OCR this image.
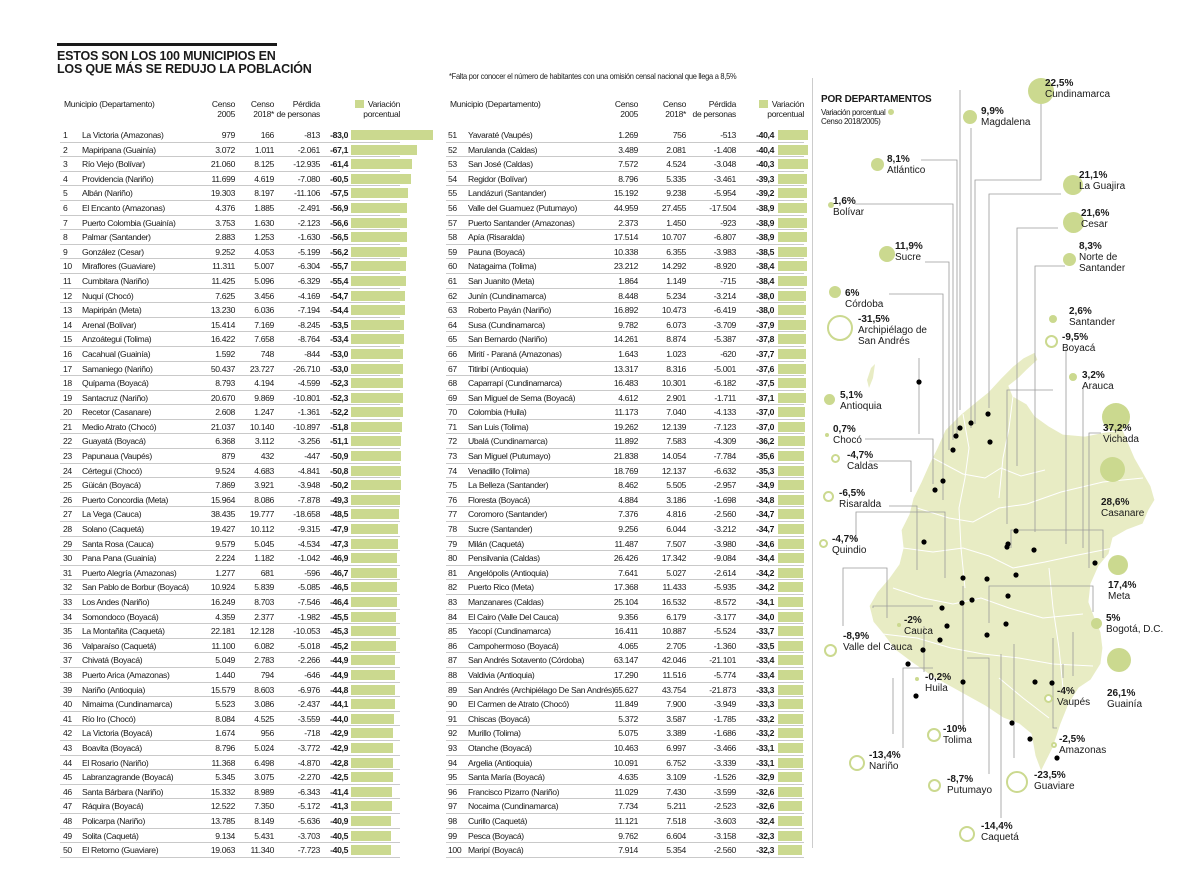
ESTOS SON LOS 100 MUNICIPIOS EN
LOS QUE MÁS SE REDUJO LA POBLACIÓN	*Falta por conocer el número de habitantes con una omisión censal nacional que llega a 8,5%
Municipio (Departamento)	Censo
2005
Censo
2018*
Pérdida
de personas
Variación
porcentual
1	La Victoria (Amazonas)	979	166	-813	-83,0
2	Mapiripana (Guainía)	3.072	1.011	-2.061	-67,1
3	Río Viejo (Bolívar)	21.060	8.125	-12.935	-61,4
4	Providencia (Nariño)	11.699	4.619	-7.080	-60,5
5	Albán (Nariño)	19.303	8.197	-11.106	-57,5
6	El Encanto (Amazonas)	4.376	1.885	-2.491	-56,9
7	Puerto Colombia (Guainía)	3.753	1.630	-2.123	-56,6
8	Palmar (Santander)	2.883	1.253	-1.630	-56,5
9	González (Cesar)	9.252	4.053	-5.199	-56,2
10	Miraflores (Guaviare)	11.311	5.007	-6.304	-55,7
11	Cumbitara (Nariño)	11.425	5.096	-6.329	-55,4
12	Nuquí (Chocó)	7.625	3.456	-4.169	-54,7
13	Mapiripán (Meta)	13.230	6.036	-7.194	-54,4
14	Arenal (Bolívar)	15.414	7.169	-8.245	-53,5
15	Anzoátegui (Tolima)	16.422	7.658	-8.764	-53,4
16	Cacahual (Guainía)	1.592	748	-844	-53,0
17	Samaniego (Nariño)	50.437	23.727	-26.710	-53,0
18	Quípama (Boyacá)	8.793	4.194	-4.599	-52,3
19	Santacruz (Nariño)	20.670	9.869	-10.801	-52,3
20	Recetor (Casanare)	2.608	1.247	-1.361	-52,2
21	Medio Atrato (Chocó)	21.037	10.140	-10.897	-51,8
22	Guayatá (Boyacá)	6.368	3.112	-3.256	-51,1
23	Papunaua (Vaupés)	879	432	-447	-50,9
24	Cértegui (Chocó)	9.524	4.683	-4.841	-50,8
25	Güicán (Boyacá)	7.869	3.921	-3.948	-50,2
26	Puerto Concordia (Meta)	15.964	8.086	-7.878	-49,3
27	La Vega (Cauca)	38.435	19.777	-18.658	-48,5
28	Solano (Caquetá)	19.427	10.112	-9.315	-47,9
29	Santa Rosa (Cauca)	9.579	5.045	-4.534	-47,3
30	Pana Pana (Guainía)	2.224	1.182	-1.042	-46,9
31	Puerto Alegría (Amazonas)	1.277	681	-596	-46,7
32	San Pablo de Borbur (Boyacá)	10.924	5.839	-5.085	-46,5
33	Los Andes (Nariño)	16.249	8.703	-7.546	-46,4
34	Somondoco (Boyacá)	4.359	2.377	-1.982	-45,5
35	La Montañita (Caquetá)	22.181	12.128	-10.053	-45,3
36	Valparaíso (Caquetá)	11.100	6.082	-5.018	-45,2
37	Chivatá (Boyacá)	5.049	2.783	-2.266	-44,9
38	Puerto Arica (Amazonas)	1.440	794	-646	-44,9
39	Nariño (Antioquia)	15.579	8.603	-6.976	-44,8
40	Nimaima (Cundinamarca)	5.523	3.086	-2.437	-44,1
41	Río Iro (Chocó)	8.084	4.525	-3.559	-44,0
42	La Victoria (Boyacá)	1.674	956	-718	-42,9
43	Boavita (Boyacá)	8.796	5.024	-3.772	-42,9
44	El Rosario (Nariño)	11.368	6.498	-4.870	-42,8
45	Labranzagrande (Boyacá)	5.345	3.075	-2.270	-42,5
46	Santa Bárbara (Nariño)	15.332	8.989	-6.343	-41,4
47	Ráquira (Boyacá)	12.522	7.350	-5.172	-41,3
48	Policarpa (Nariño)	13.785	8.149	-5.636	-40,9
49	Solita (Caquetá)	9.134	5.431	-3.703	-40,5
50	El Retorno (Guaviare)	19.063	11.340	-7.723	-40,5
Municipio (Departamento)	Censo
2005
Censo
2018*
Pérdida
de personas
Variación
porcentual
51	Yavaraté (Vaupés)	1.269	756	-513	-40,4
52	Marulanda (Caldas)	3.489	2.081	-1.408	-40,4
53	San José (Caldas)	7.572	4.524	-3.048	-40,3
54	Regidor (Bolívar)	8.796	5.335	-3.461	-39,3
55	Landázuri (Santander)	15.192	9.238	-5.954	-39,2
56	Valle del Guamuez (Putumayo)	44.959	27.455	-17.504	-38,9
57	Puerto Santander (Amazonas)	2.373	1.450	-923	-38,9
58	Apía (Risaralda)	17.514	10.707	-6.807	-38,9
59	Pauna (Boyacá)	10.338	6.355	-3.983	-38,5
60	Natagaima (Tolima)	23.212	14.292	-8.920	-38,4
61	San Juanito (Meta)	1.864	1.149	-715	-38,4
62	Junín (Cundinamarca)	8.448	5.234	-3.214	-38,0
63	Roberto Payán (Nariño)	16.892	10.473	-6.419	-38,0
64	Susa (Cundinamarca)	9.782	6.073	-3.709	-37,9
65	San Bernardo (Nariño)	14.261	8.874	-5.387	-37,8
66	Mirití - Paraná (Amazonas)	1.643	1.023	-620	-37,7
67	Titiribí (Antioquia)	13.317	8.316	-5.001	-37,6
68	Caparrapí (Cundinamarca)	16.483	10.301	-6.182	-37,5
69	San Miguel de Sema (Boyacá)	4.612	2.901	-1.711	-37,1
70	Colombia (Huila)	11.173	7.040	-4.133	-37,0
71	San Luis (Tolima)	19.262	12.139	-7.123	-37,0
72	Ubalá (Cundinamarca)	11.892	7.583	-4.309	-36,2
73	San Miguel (Putumayo)	21.838	14.054	-7.784	-35,6
74	Venadillo (Tolima)	18.769	12.137	-6.632	-35,3
75	La Belleza (Santander)	8.462	5.505	-2.957	-34,9
76	Floresta (Boyacá)	4.884	3.186	-1.698	-34,8
77	Coromoro (Santander)	7.376	4.816	-2.560	-34,7
78	Sucre (Santander)	9.256	6.044	-3.212	-34,7
79	Milán (Caquetá)	11.487	7.507	-3.980	-34,6
80	Pensilvania (Caldas)	26.426	17.342	-9.084	-34,4
81	Angelópolis (Antioquia)	7.641	5.027	-2.614	-34,2
82	Puerto Rico (Meta)	17.368	11.433	-5.935	-34,2
83	Manzanares (Caldas)	25.104	16.532	-8.572	-34,1
84	El Cairo (Valle Del Cauca)	9.356	6.179	-3.177	-34,0
85	Yacopí (Cundinamarca)	16.411	10.887	-5.524	-33,7
86	Campohermoso (Boyacá)	4.065	2.705	-1.360	-33,5
87	San Andrés Sotavento (Córdoba)	63.147	42.046	-21.101	-33,4
88	Valdivia (Antioquia)	17.290	11.516	-5.774	-33,4
89	San Andrés (Archipiélago De San Andrés) 65.627	43.754	-21.873	-33,3
90	El Carmen de Atrato (Chocó)	11.849	7.900	-3.949	-33,3
91	Chiscas (Boyacá)	5.372	3.587	-1.785	-33,2
92	Murillo (Tolima)	5.075	3.389	-1.686	-33,2
93	Otanche (Boyacá)	10.463	6.997	-3.466	-33,1
94	Argelia (Antioquia)	10.091	6.752	-3.339	-33,1
95	Santa María (Boyacá)	4.635	3.109	-1.526	-32,9
96	Francisco Pizarro (Nariño)	11.029	7.430	-3.599	-32,6
97	Nocaima (Cundinamarca)	7.734	5.211	-2.523	-32,6
98	Curillo (Caquetá)	11.121	7.518	-3.603	-32,4
99	Pesca (Boyacá)	9.762	6.604	-3.158	-32,3
100 Maripí (Boyacá)	7.914	5.354	-2.560	-32,3
POR DEPARTAMENTOS
Variación porcentual
Censo 2018/2005)
22,5%
Cundinamarca
9,9%
Magdalena
8,1%
Atlántico	21,1%
La Guajira
1,6%
Bolívar	21,6%
Cesar
11,9%
Sucre
8,3%
Norte de Santander
6%
Córdoba
2,6%
Santander
-31,5%
Archipiélago de San Andrés	-9,5%
Boyacá
3,2%
Arauca
5,1%
Antioquia
37,2%
Vichada
0,7%
Chocó
-4,7%
Caldas
28,6%
Casanare
-6,5%
Risaralda
-4,7%
Quindio
17,4%
Meta
5%
Bogotá, D.C.
-2%
Cauca
-8,9%
Valle del Cauca
-0,2%
Huila	26,1%
Guainía
-4%
Vaupés
-10%
Tolima	-2,5%
Amazonas
-13,4%
Nariño
-8,7%
Putumayo
-23,5%
Guaviare
-14,4%
Caquetá
